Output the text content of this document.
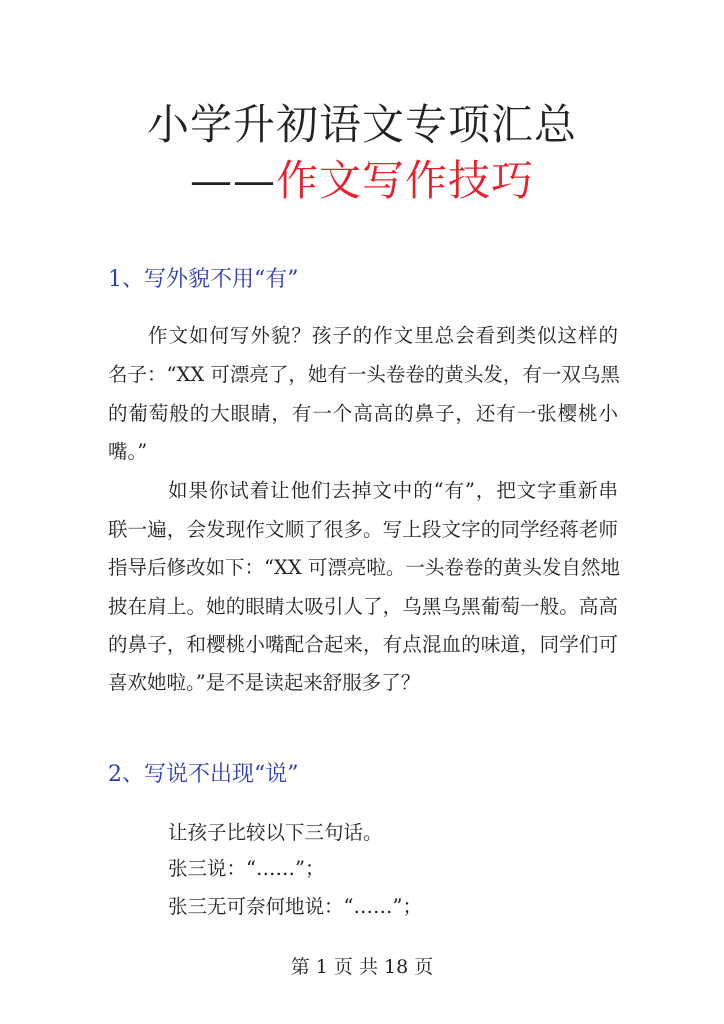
小学升初语文专项汇总
——作文写作技巧
1、写外貌不用“有”
作文如何写外貌？孩子的作文里总会看到类似这样的
名子：“XX 可漂亮了，她有一头卷卷的黄头发，有一双乌黑
的葡萄般的大眼睛，有一个高高的鼻子，还有一张樱桃小
嘴。”
如果你试着让他们去掉文中的“有”，把文字重新串
联一遍，会发现作文顺了很多。写上段文字的同学经蒋老师
指导后修改如下：“XX 可漂亮啦。一头卷卷的黄头发自然地
披在肩上。她的眼睛太吸引人了，乌黑乌黑葡萄一般。高高
的鼻子，和樱桃小嘴配合起来，有点混血的味道，同学们可
喜欢她啦。”是不是读起来舒服多了？
2、写说不出现“说”
让孩子比较以下三句话。
张三说：“……”；
张三无可奈何地说：“……”；
第 1 页 共 18 页
